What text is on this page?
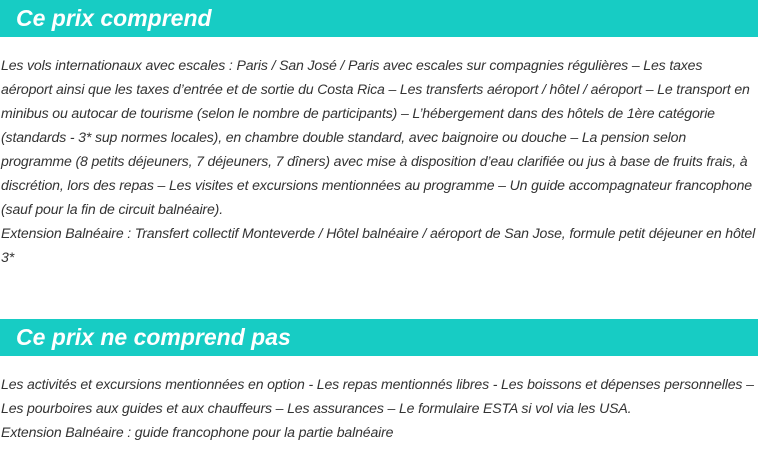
Ce prix comprend

Les vols internationaux avec escales : Paris / San José / Paris avec escales sur compagnies régulières – Les taxes aéroport ainsi que les taxes d’entrée et de sortie du Costa Rica – Les transferts aéroport / hôtel / aéroport – Le transport en minibus ou autocar de tourisme (selon le nombre de participants) – L’hébergement dans des hôtels de 1ère catégorie (standards - 3* sup normes locales), en chambre double standard, avec baignoire ou douche – La pension selon programme (8 petits déjeuners, 7 déjeuners, 7 dîners) avec mise à disposition d’eau clarifiée ou jus à base de fruits frais, à discrétion, lors des repas – Les visites et excursions mentionnées au programme – Un guide accompagnateur francophone (sauf pour la fin de circuit balnéaire).

Extension Balnéaire : Transfert collectif Monteverde / Hôtel balnéaire / aéroport de San Jose, formule petit déjeuner en hôtel 3*

Ce prix ne comprend pas

Les activités et excursions mentionnées en option - Les repas mentionnés libres - Les boissons et dépenses personnelles – Les pourboires aux guides et aux chauffeurs – Les assurances – Le formulaire ESTA si vol via les USA.

Extension Balnéaire : guide francophone pour la partie balnéaire
